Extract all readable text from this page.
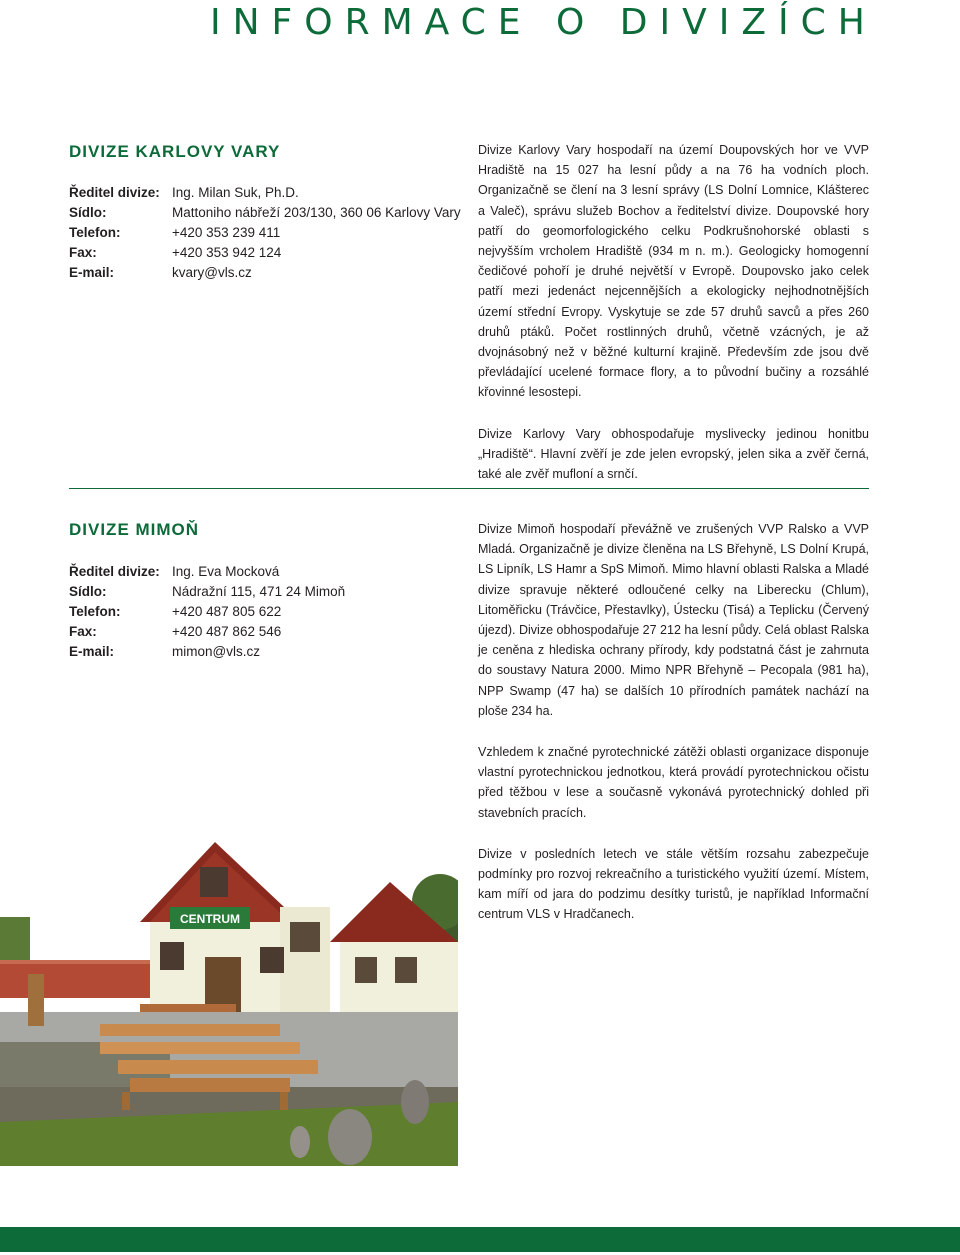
INFORMACE O DIVIZÍCH
DIVIZE KARLOVY VARY
Ředitel divize: Ing. Milan Suk, Ph.D.
Sídlo:	Mattoniho nábřeží 203/130, 360 06 Karlovy Vary
Telefon:	+420 353 239 411
Fax:	+420 353 942 124
E-mail:	kvary@vls.cz

Divize Karlovy Vary hospodaří na území Doupovských hor ve VVP Hradiště na 15 027 ha lesní půdy a na 76 ha vodních ploch. Organizačně se člení na 3 lesní správy (LS Dolní Lomnice, Klášterec a Valeč), správu služeb Bochov a ředitelství divize. Doupovské hory patří do geomorfologického celku Podkrušnohorské oblasti s nejvyšším vrcholem Hradiště (934 m n. m.). Geologicky homogenní čedičové pohoří je druhé největší v Evropě. Doupovsko jako celek patří mezi jedenáct nejcennějších a ekologicky nejhodnotnějších území střední Evropy. Vyskytuje se zde 57 druhů savců a přes 260 druhů ptáků. Počet rostlinných druhů, včetně vzácných, je až dvojnásobný než v běžné kulturní krajině. Především zde jsou dvě převládající ucelené formace flory, a to původní bučiny a rozsáhlé křovinné lesostepi.

Divize Karlovy Vary obhospodařuje myslivecky jedinou honitbu „Hradiště“. Hlavní zvěří je zde jelen evropský, jelen sika a zvěř černá, také ale zvěř mufloní a srnčí.

DIVIZE MIMOŇ
Ředitel divize: Ing. Eva Mocková
Sídlo:	Nádražní 115, 471 24 Mimoň
Telefon:	+420 487 805 622
Fax:	+420 487 862 546
E-mail:	mimon@vls.cz

Divize Mimoň hospodaří převážně ve zrušených VVP Ralsko a VVP Mladá. Organizačně je divize členěna na LS Břehyně, LS Dolní Krupá, LS Lipník, LS Hamr a SpS Mimoň. Mimo hlavní oblasti Ralska a Mladé divize spravuje některé odloučené celky na Liberecku (Chlum), Litoměřicku (Trávčice, Přestavlky), Ústecku (Tisá) a Teplicku (Červený újezd). Divize obhospodařuje 27 212 ha lesní půdy. Celá oblast Ralska je ceněna z hlediska ochrany přírody, kdy podstatná část je zahrnuta do soustavy Natura 2000. Mimo NPR Břehyně – Pecopala (981 ha), NPP Swamp (47 ha) se dalších 10 přírodních památek nachází na ploše 234 ha.

Vzhledem k značné pyrotechnické zátěži oblasti organizace disponuje vlastní pyrotechnickou jednotkou, která provádí pyrotechnickou očistu před těžbou v lese a současně vykonává pyrotechnický dohled při stavebních pracích.

Divize v posledních letech ve stále větším rozsahu zabezpečuje podmínky pro rozvoj rekreačního a turistického využití území. Místem, kam míří od jara do podzimu desítky turistů, je například Informační centrum VLS v Hradčanech.

CENTRUM
6
